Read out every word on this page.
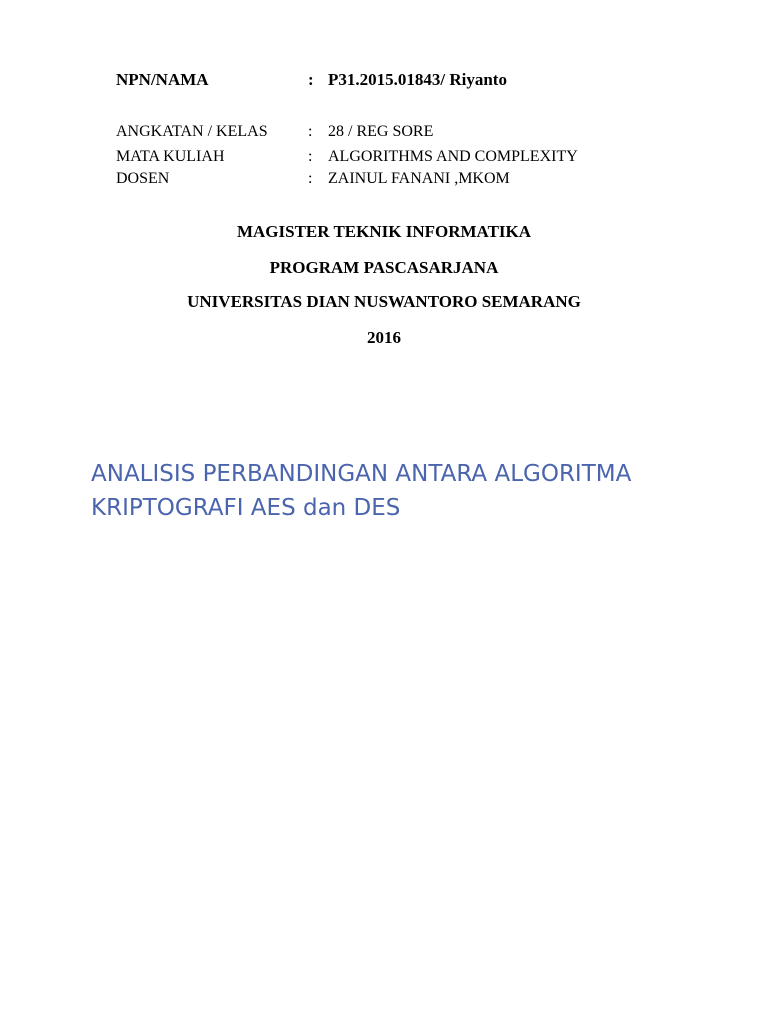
NPN/NAMA	: P31.2015.01843/ Riyanto
ANGKATAN / KELAS	: 28 / REG SORE
MATA KULIAH	: ALGORITHMS AND COMPLEXITY
DOSEN	: ZAINUL FANANI ,MKOM
MAGISTER TEKNIK INFORMATIKA
PROGRAM PASCASARJANA
UNIVERSITAS DIAN NUSWANTORO SEMARANG
2016
ANALISIS PERBANDINGAN ANTARA ALGORITMA
KRIPTOGRAFI AES dan DES
